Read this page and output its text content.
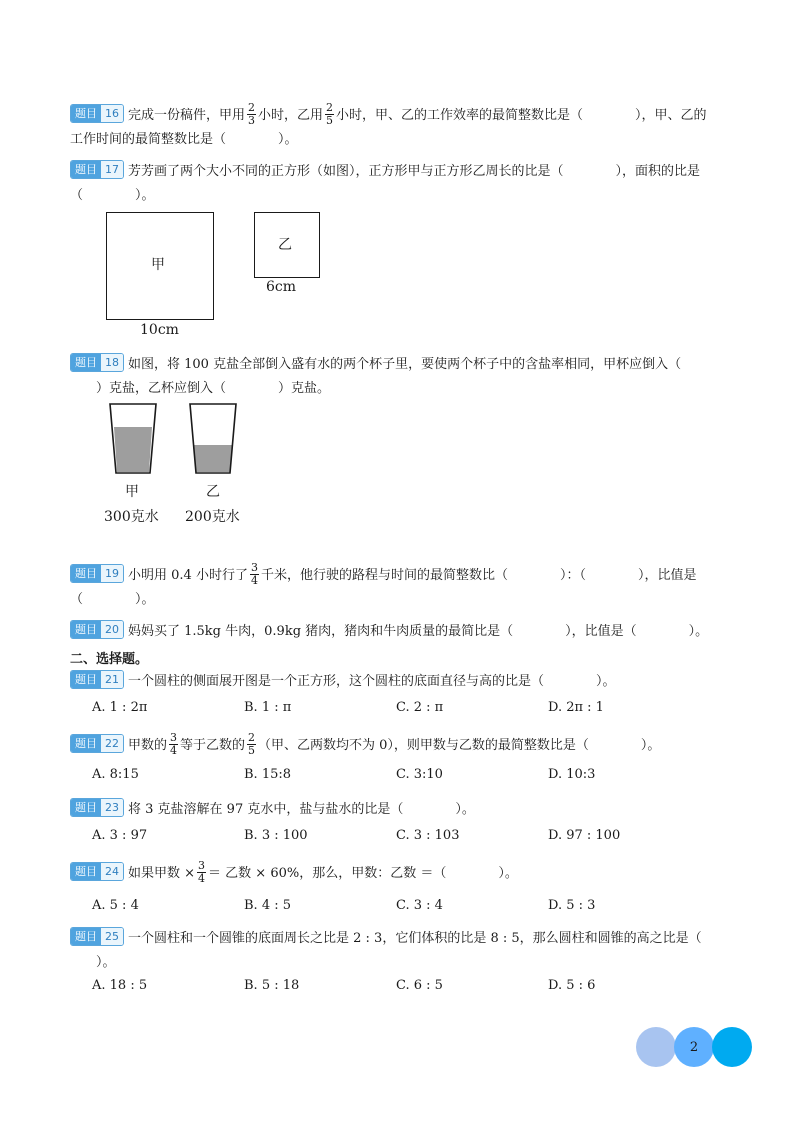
题目 16 完成一份稿件，甲用 $\frac{2}{3}$ 小时，乙用 $\frac{2}{5}$ 小时，甲、乙的工作效率的最简整数比是（　　　　），甲、乙的
工作时间的最简整数比是（　　　　）。
题目 17 芳芳画了两个大小不同的正方形（如图），正方形甲与正方形乙周长的比是（　　　　），面积的比是
（　　　　）。
甲
10cm
乙
6cm
题目 18 如图，将 100 克盐全部倒入盛有水的两个杯子里，要使两个杯子中的含盐率相同，甲杯应倒入（
　　）克盐，乙杯应倒入（　　　　）克盐。
甲
300克水
乙
200克水
题目 19 小明用 0.4 小时行了 $\frac{3}{4}$ 千米，他行驶的路程与时间的最简整数比（　　　　）：（　　　　），比值是
（　　　　）。
题目 20 妈妈买了 1.5kg 牛肉，0.9kg 猪肉，猪肉和牛肉质量的最简比是（　　　　），比值是（　　　　）。
二、选择题。
题目 21 一个圆柱的侧面展开图是一个正方形，这个圆柱的底面直径与高的比是（　　　　）。
A. 1 : 2π	B. 1 : π	C. 2 : π	D. 2π : 1
题目 22 甲数的 $\frac{3}{4}$ 等于乙数的 $\frac{2}{5}$ （甲、乙两数均不为 0），则甲数与乙数的最简整数比是（　　　　）。
A. 8:15	B. 15:8	C. 3:10	D. 10:3
题目 23 将 3 克盐溶解在 97 克水中，盐与盐水的比是（　　　　）。
A. 3 : 97	B. 3 : 100	C. 3 : 103	D. 97 : 100
题目 24 如果甲数 × $\frac{3}{4}$ ＝ 乙数 × 60%，那么，甲数：乙数 ＝（　　　　）。
A. 5 : 4	B. 4 : 5	C. 3 : 4	D. 5 : 3
题目 25 一个圆柱和一个圆锥的底面周长之比是 2 : 3，它们体积的比是 8 : 5，那么圆柱和圆锥的高之比是（
　　）。
A. 18 : 5	B. 5 : 18	C. 6 : 5	D. 5 : 6
2
